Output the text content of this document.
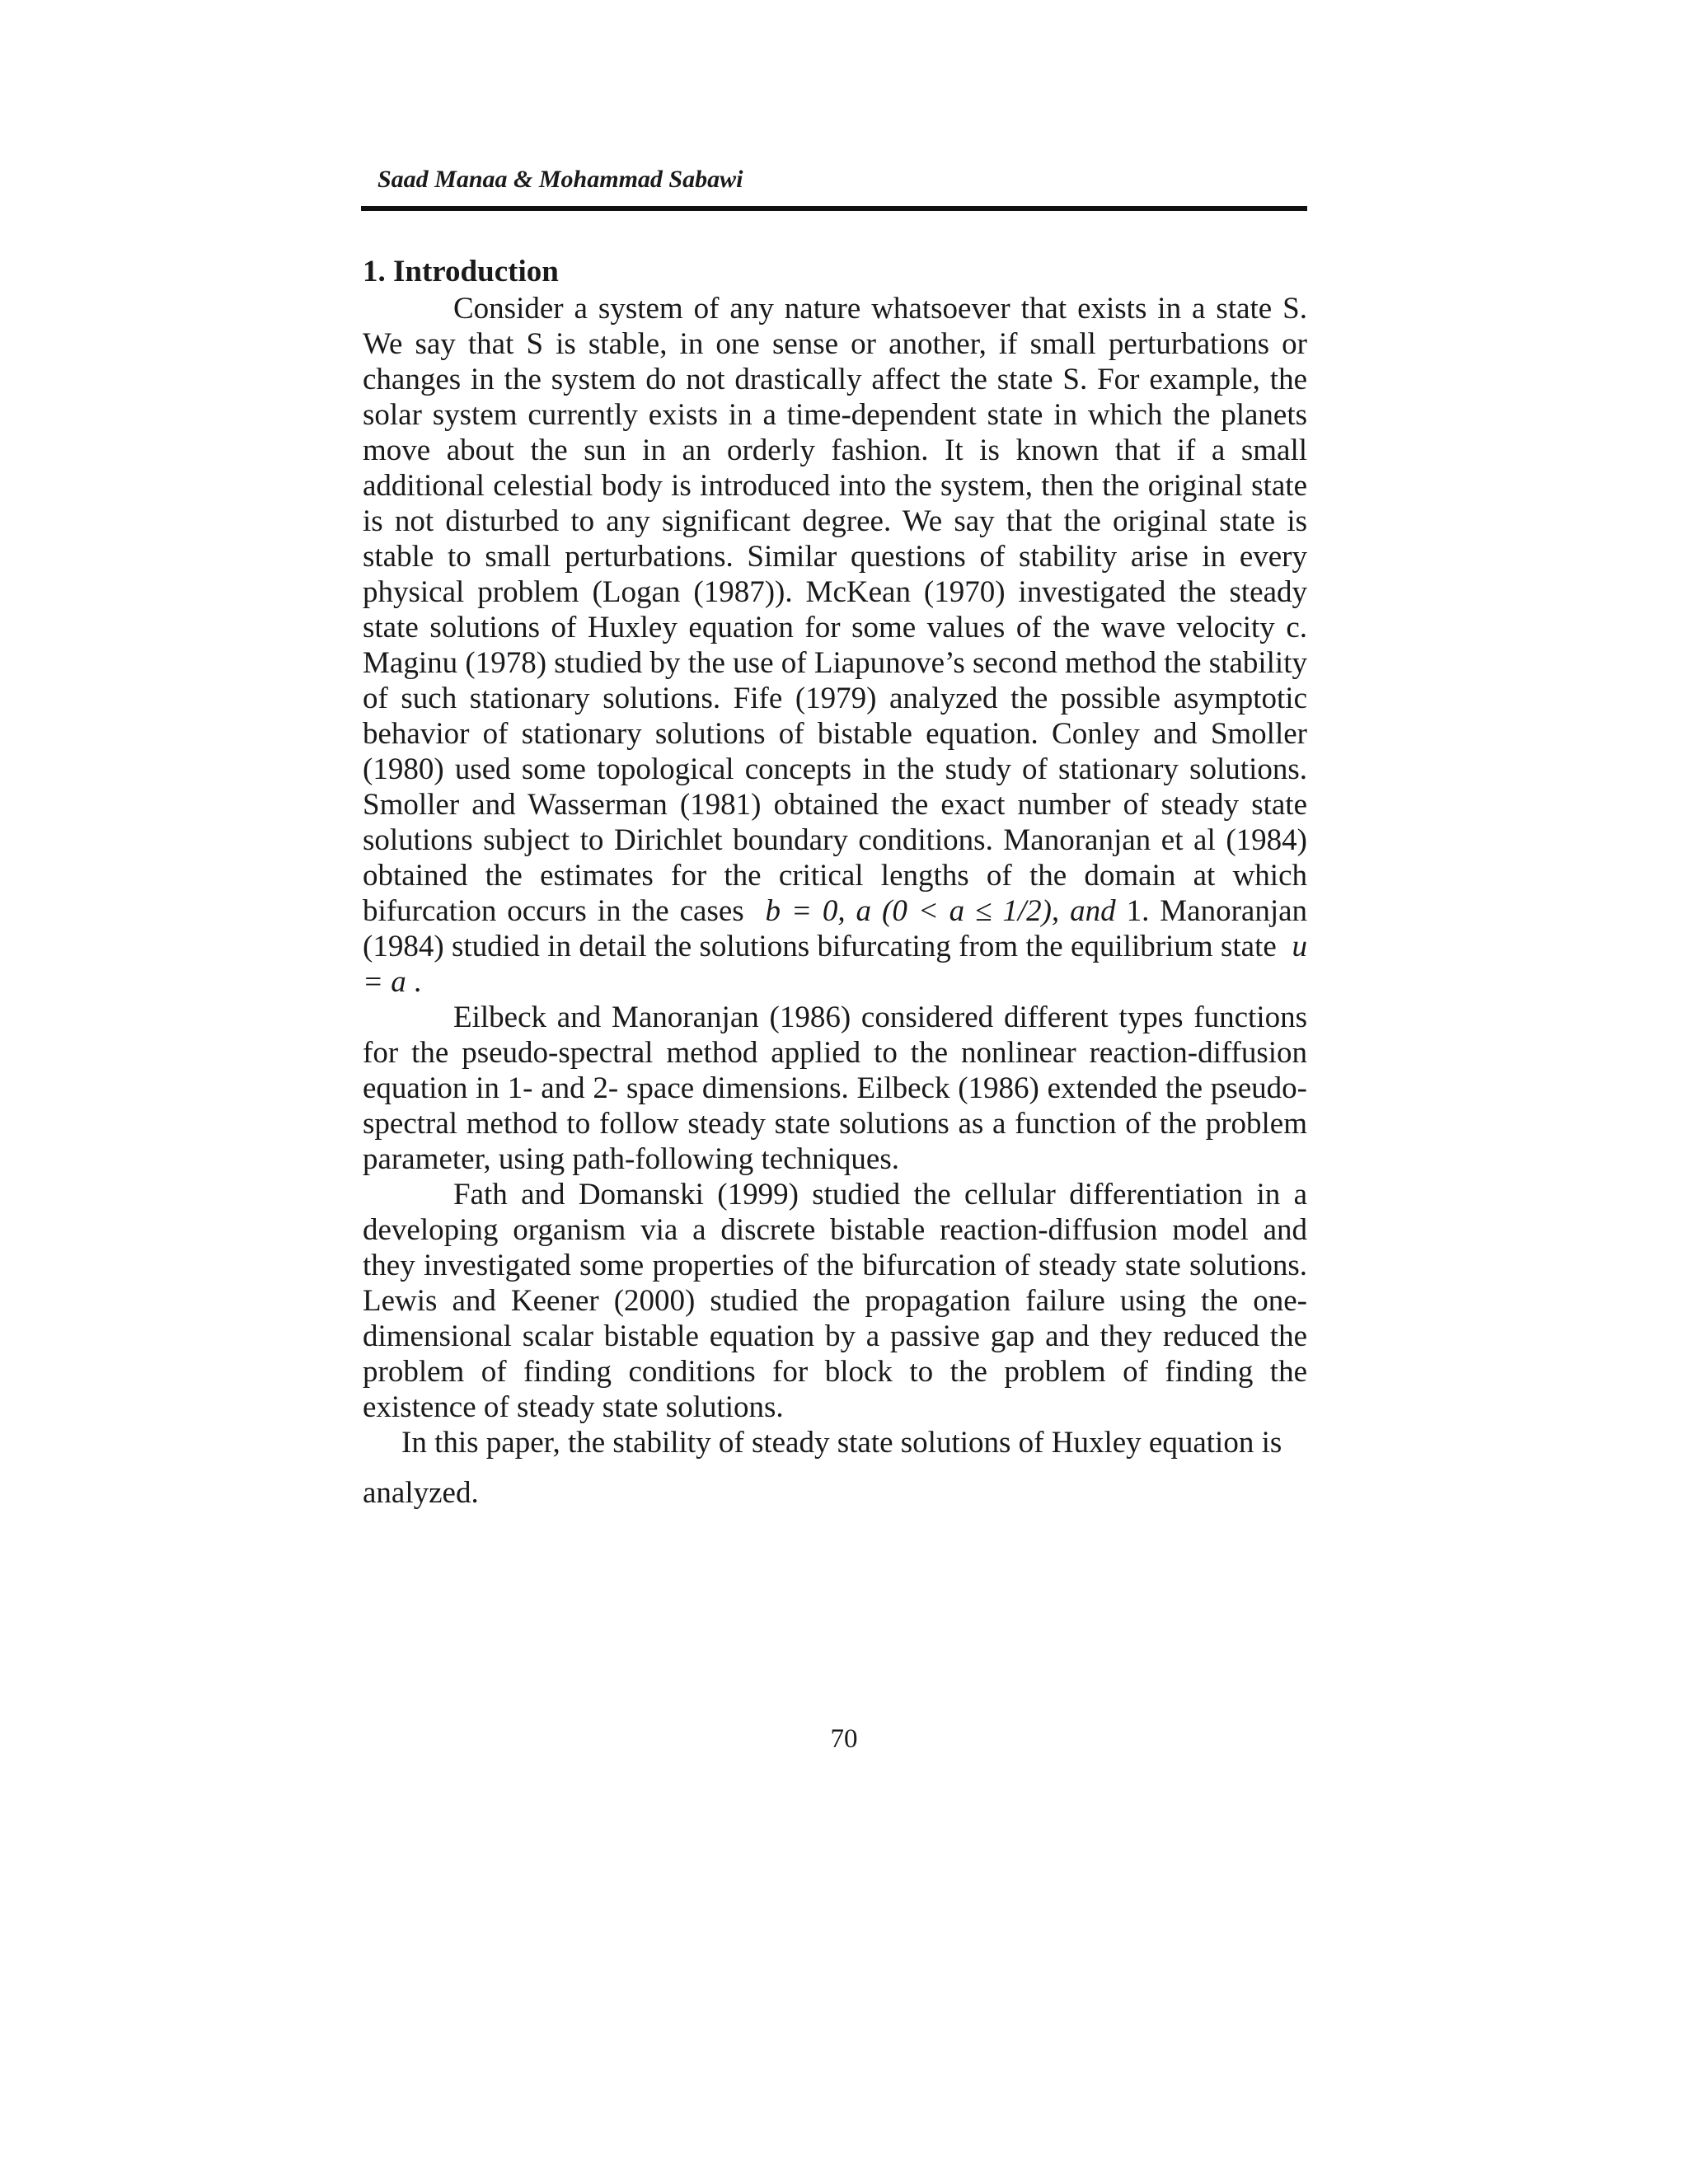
Saad Manaa & Mohammad Sabawi
1. Introduction

Consider a system of any nature whatsoever that exists in a state S. We say that S is stable, in one sense or another, if small perturbations or changes in the system do not drastically affect the state S. For example, the solar system currently exists in a time-dependent state in which the planets move about the sun in an orderly fashion. It is known that if a small additional celestial body is introduced into the system, then the original state is not disturbed to any significant degree. We say that the original state is stable to small perturbations. Similar questions of stability arise in every physical problem (Logan (1987)). McKean (1970) investigated the steady state solutions of Huxley equation for some values of the wave velocity c. Maginu (1978) studied by the use of Liapunove’s second method the stability of such stationary solutions. Fife (1979) analyzed the possible asymptotic behavior of stationary solutions of bistable equation. Conley and Smoller (1980) used some topological concepts in the study of stationary solutions. Smoller and Wasserman (1981) obtained the exact number of steady state solutions subject to Dirichlet boundary conditions. Manoranjan et al (1984) obtained the estimates for the critical lengths of the domain at which bifurcation occurs in the cases b = 0, a (0 < a ≤ 1/2), and 1. Manoranjan (1984) studied in detail the solutions bifurcating from the equilibrium state u = a .

Eilbeck and Manoranjan (1986) considered different types functions for the pseudo-spectral method applied to the nonlinear reaction-diffusion equation in 1- and 2- space dimensions. Eilbeck (1986) extended the pseudo-spectral method to follow steady state solutions as a function of the problem parameter, using path-following techniques.

Fath and Domanski (1999) studied the cellular differentiation in a developing organism via a discrete bistable reaction-diffusion model and they investigated some properties of the bifurcation of steady state solutions. Lewis and Keener (2000) studied the propagation failure using the one-dimensional scalar bistable equation by a passive gap and they reduced the problem of finding conditions for block to the problem of finding the existence of steady state solutions.

In this paper, the stability of steady state solutions of Huxley equation is

analyzed.

70
